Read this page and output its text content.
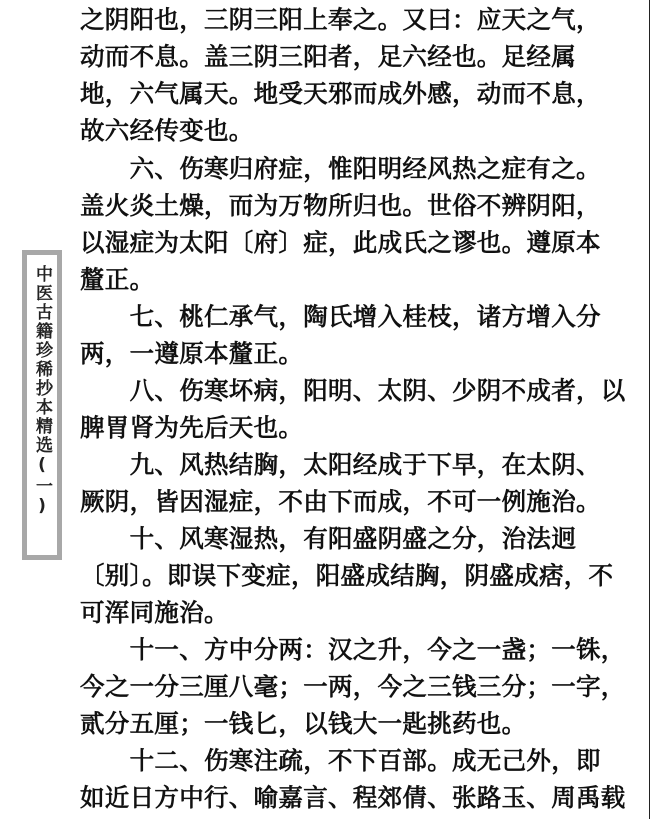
中医古籍珍稀抄本精选(一)
之阴阳也，三阴三阳上奉之。又曰：应天之气，
动而不息。盖三阴三阳者，足六经也。足经属
地，六气属天。地受天邪而成外感，动而不息，
故六经传变也。
　　六、伤寒归府症，惟阳明经风热之症有之。
盖火炎土燥，而为万物所归也。世俗不辨阴阳，
以湿症为太阳〔府〕症，此成氏之谬也。遵原本
釐正。
　　七、桃仁承气，陶氏增入桂枝，诸方增入分
两，一遵原本釐正。
　　八、伤寒坏病，阳明、太阴、少阴不成者，以
脾胃肾为先后天也。
　　九、风热结胸，太阳经成于下早，在太阴、
厥阴，皆因湿症，不由下而成，不可一例施治。
　　十、风寒湿热，有阳盛阴盛之分，治法迥
〔别〕。即误下变症，阳盛成结胸，阴盛成痞，不
可浑同施治。
　　十一、方中分两：汉之升，今之一盏；一铢，
今之一分三厘八毫；一两，今之三钱三分；一字，
贰分五厘；一钱匕，以钱大一匙挑药也。
　　十二、伤寒注疏，不下百部。成无己外，即
如近日方中行、喻嘉言、程郊倩、张路玉、周禹载
